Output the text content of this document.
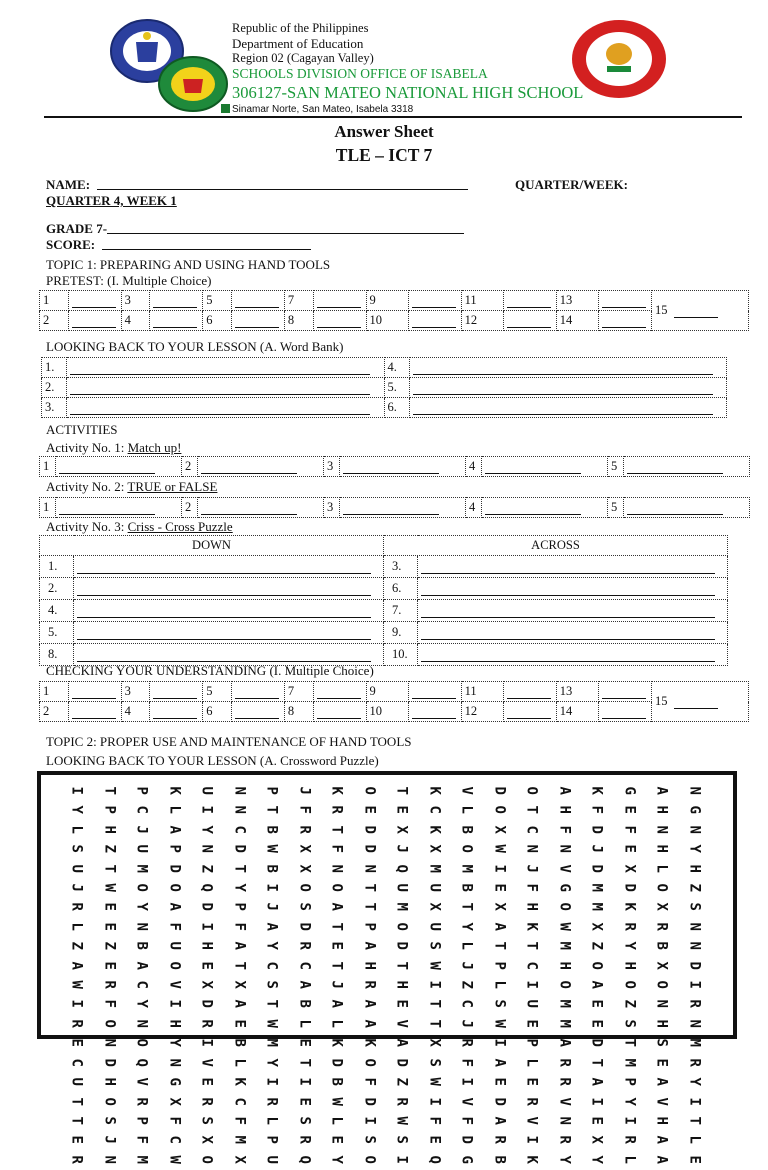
Republic of the Philippines
Department of Education
Region 02 (Cagayan Valley)
SCHOOLS DIVISION OFFICE OF ISABELA
306127-SAN MATEO NATIONAL HIGH SCHOOL
Sinamar Norte, San Mateo, Isabela 3318
Answer Sheet
TLE – ICT 7
NAME:	QUARTER/WEEK:
QUARTER 4, WEEK 1
GRADE 7-
SCORE:
TOPIC 1: PREPARING AND USING HAND TOOLS
PRETEST: (I. Multiple Choice)
1		3		5		7		9		11		13		15
2		4		6		8		10		12		14		
LOOKING BACK TO YOUR LESSON (A. Word Bank)
1.		4.	
2.		5.	
3.		6.	
ACTIVITIES
Activity No. 1: Match up!
1		2		3		4		5	
Activity No. 2: TRUE or FALSE
1		2		3		4		5	
Activity No. 3: Criss - Cross Puzzle
DOWN		ACROSS	
1.		3.	
2.		6.	
4.		7.	
5.		9.	
8.		10.	
CHECKING YOUR UNDERSTANDING (I. Multiple Choice)
1		3		5		7		9		11		13		15
2		4		6		8		10		12		14		
TOPIC 2: PROPER USE AND MAINTENANCE OF HAND TOOLS
LOOKING BACK TO YOUR LESSON (A. Crossword Puzzle)
I
Y
L
S
U
J
R
L
Z
A
W
I
R
E
C
U
T
T
E
R
T
P
H
Z
T
W
E
E
Z
E
R
F
O
N
D
H
O
S
J
N
P
C
J
U
M
O
Y
N
B
A
C
Y
N
O
Q
V
R
P
F
M
K
L
A
P
D
O
A
F
U
O
V
I
H
Y
N
G
X
F
C
W
U
I
Y
N
Z
Q
D
I
H
E
X
D
R
I
V
E
R
S
X
O
N
N
C
D
T
Y
P
F
A
T
X
A
E
B
L
K
C
F
M
X
P
T
B
W
B
I
J
A
Y
C
S
T
W
M
Y
I
R
L
P
U
J
F
R
X
X
O
S
D
R
C
A
B
L
E
T
I
E
S
R
Q
K
R
T
F
N
O
A
T
E
T
J
A
L
K
D
B
W
L
E
Y
O
E
D
D
N
T
T
P
A
H
R
A
A
K
O
F
D
I
S
O
T
E
X
J
Q
U
M
O
D
T
H
E
V
A
D
Z
R
W
S
I
K
C
K
X
M
U
X
U
S
W
I
T
T
X
S
W
I
F
E
Q
V
L
B
O
M
B
T
Y
L
J
Z
C
J
R
F
I
V
F
D
G
D
O
X
W
I
E
X
A
T
P
L
S
W
I
A
E
D
A
R
B
O
T
C
N
J
F
H
K
T
C
I
U
E
P
L
E
R
V
I
K
A
H
F
N
V
G
O
W
M
H
O
M
M
A
R
R
V
N
R
Y
K
F
D
J
D
M
M
X
Z
O
A
E
E
D
T
A
I
E
X
Y
G
E
F
E
X
D
K
R
Y
H
O
Z
S
T
M
P
Y
I
R
L
A
H
N
H
L
O
X
R
B
X
O
N
H
S
E
A
V
H
A
A
N
G
N
Y
H
Z
S
N
N
D
I
R
N
M
R
Y
I
T
L
E
